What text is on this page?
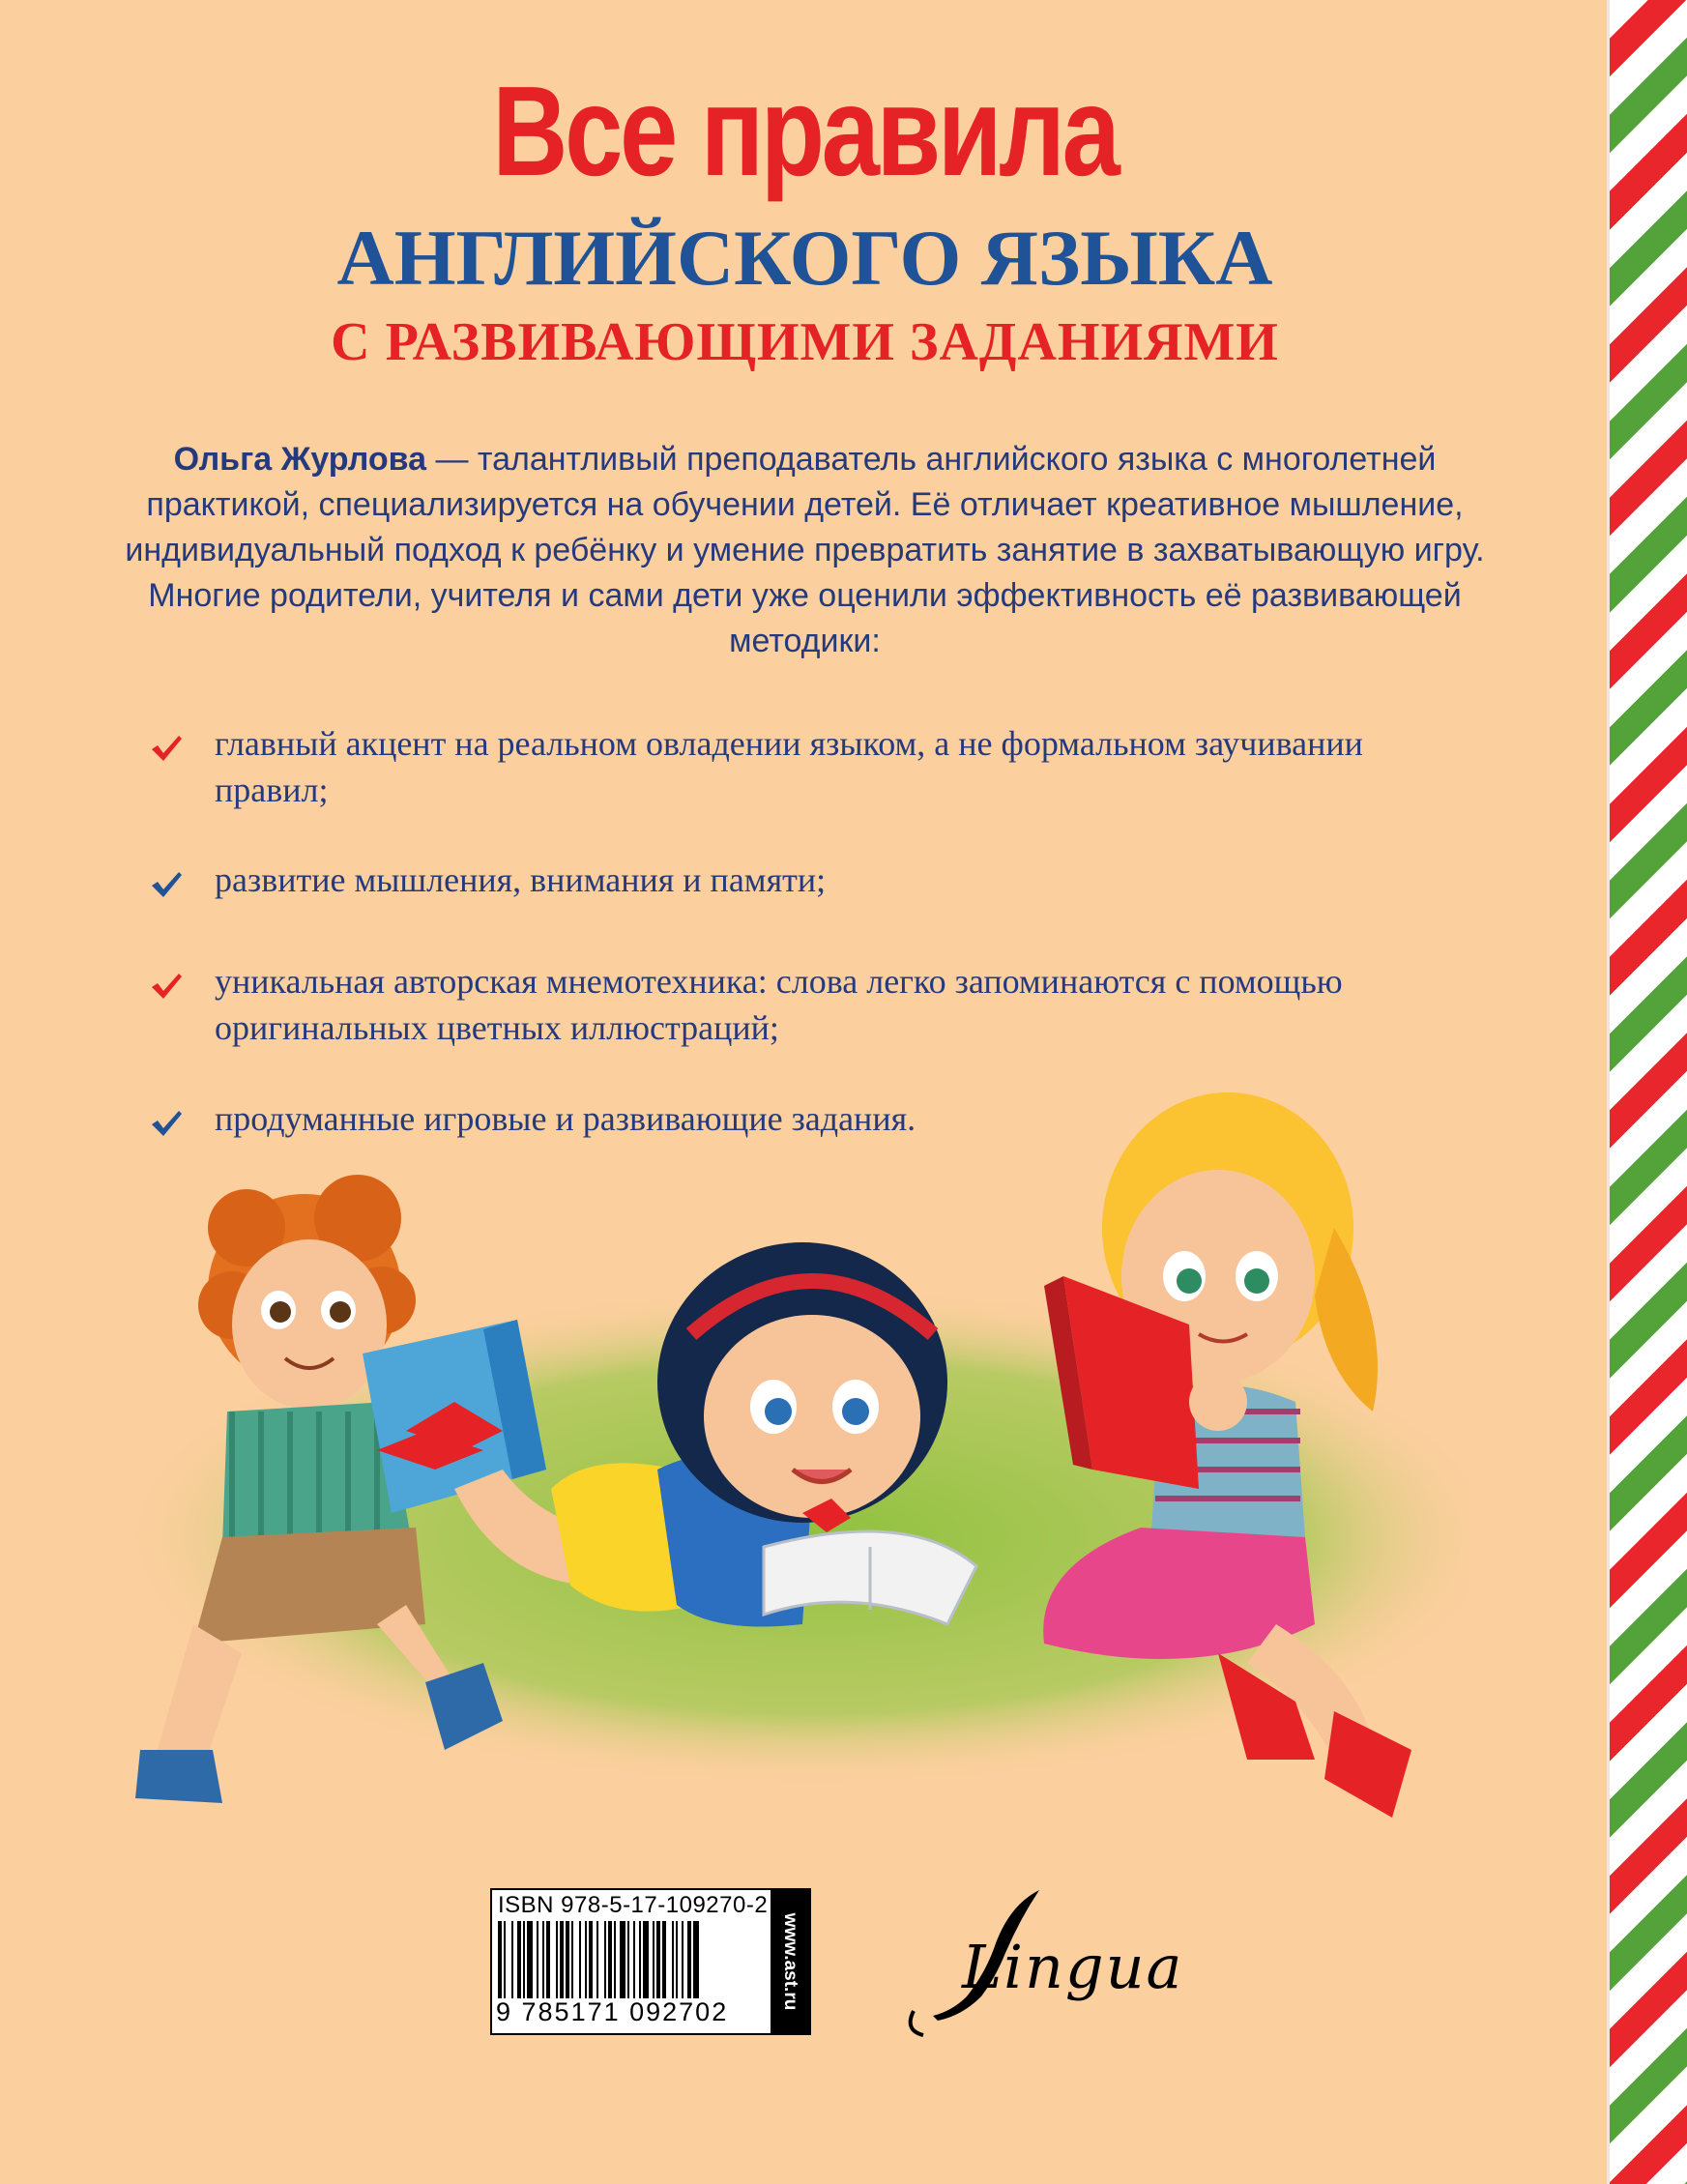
Все правила
АНГЛИЙСКОГО ЯЗЫКА
С РАЗВИВАЮЩИМИ ЗАДАНИЯМИ
Ольга Журлова — талантливый преподаватель английского языка с многолетней практикой, специализируется на обучении детей. Её отличает креативное мышление, индивидуальный подход к ребёнку и умение превратить занятие в захватывающую игру. Многие родители, учителя и сами дети уже оценили эффективность её развивающей методики:
главный акцент на реальном овладении языком, а не формальном заучивании правил;
развитие мышления, внимания и памяти;
уникальная авторская мнемотехника: слова легко запоминаются с помощью оригинальных цветных иллюстраций;
продуманные игровые и развивающие задания.
ISBN 978-5-17-109270-2
9 785171 092702
www.ast.ru	Lingua
